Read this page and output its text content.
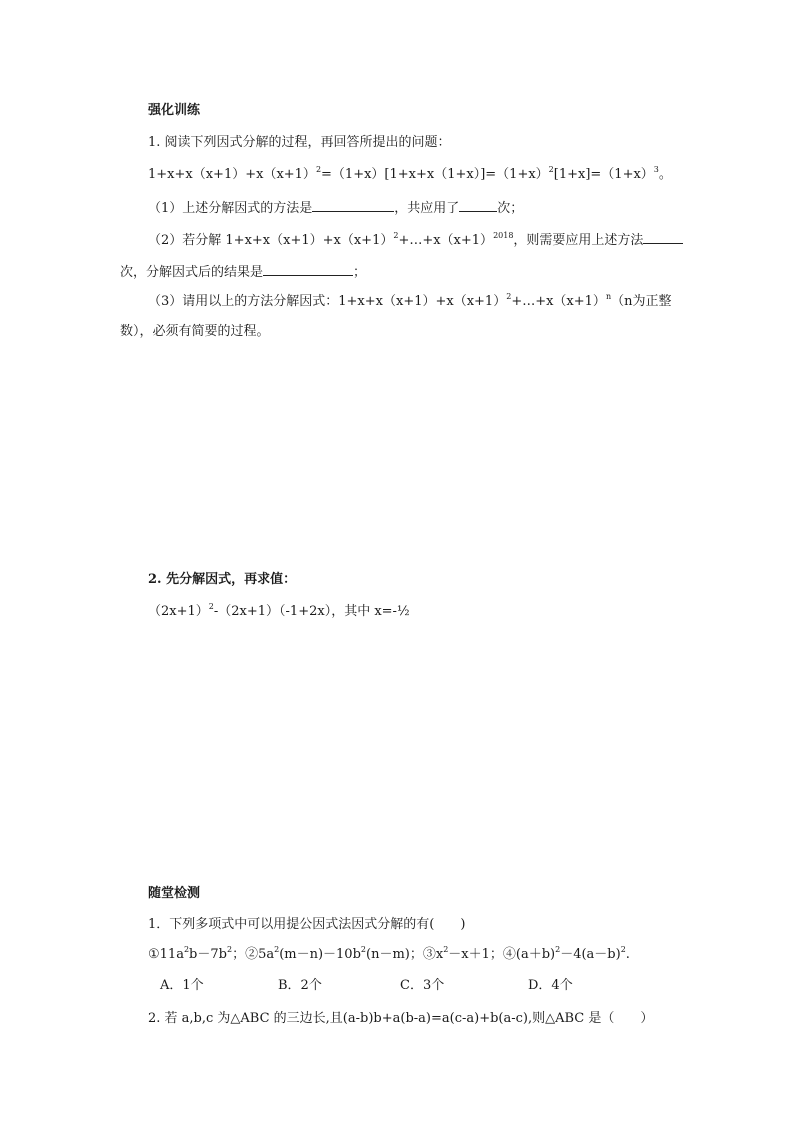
强化训练
1. 阅读下列因式分解的过程，再回答所提出的问题：
$1+x+x(x+1)+x(x+1)^2=(1+x)[1+x+x(1+x)]=(1+x)^2[1+x]=(1+x)^3$。
（1）上述分解因式的方法是	，共应用了	次；
（2）若分解 $1+x+x(x+1)+x(x+1)^2+\dots+x(x+1)^{2018}$，则需要应用上述方法
次，分解因式后的结果是	；
（3）请用以上的方法分解因式：$1+x+x(x+1)+x(x+1)^2+\dots+x(x+1)^n(n$为正整
数），必须有简要的过程。
2. 先分解因式，再求值：
$(2x+1)^2-(2x+1)(-1+2x)$，其中 x=-½
随堂检测
1．下列多项式中可以用提公因式法因式分解的有(　　)
$①11a^2b-7b^2$；$②5a^2(m-n)-10b^2(n-m)$；$③x^2-x+1$；$④(a+b)^2-4(a-b)^2$.
A．1个	B．2个	C．3个	D．4个
2. 若 a,b,c 为△ABC 的三边长,且(a-b)b+a(b-a)=a(c-a)+b(a-c),则△ABC 是（　　）
